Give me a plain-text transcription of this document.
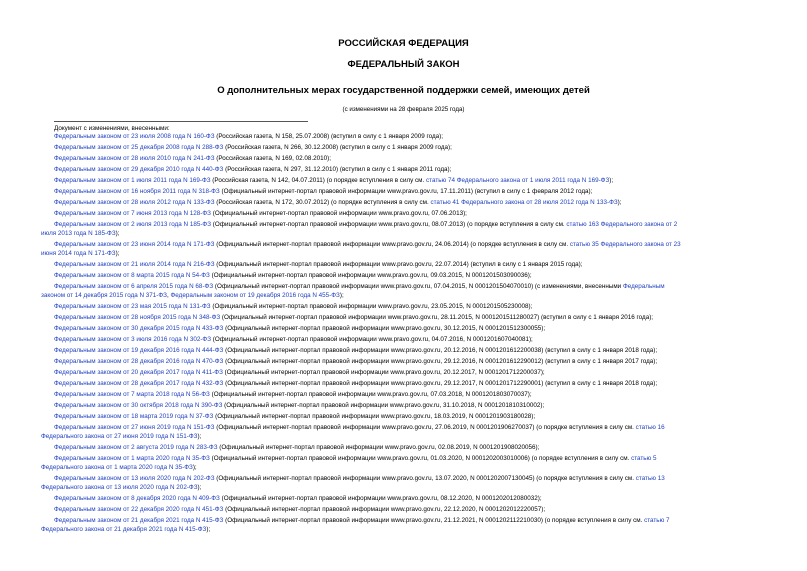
РОССИЙСКАЯ ФЕДЕРАЦИЯ
ФЕДЕРАЛЬНЫЙ ЗАКОН
О дополнительных мерах государственной поддержки семей, имеющих детей
(с изменениями на 28 февраля 2025 года)
Документ с изменениями, внесенными:
Федеральным законом от 23 июля 2008 года N 160-ФЗ (Российская газета, N 158, 25.07.2008) (вступил в силу с 1 января 2009 года);
Федеральным законом от 25 декабря 2008 года N 288-ФЗ (Российская газета, N 266, 30.12.2008) (вступил в силу с 1 января 2009 года);
Федеральным законом от 28 июля 2010 года N 241-ФЗ (Российская газета, N 169, 02.08.2010);
Федеральным законом от 29 декабря 2010 года N 440-ФЗ (Российская газета, N 297, 31.12.2010) (вступил в силу с 1 января 2011 года);
Федеральным законом от 1 июля 2011 года N 169-ФЗ (Российская газета, N 142, 04.07.2011) (о порядке вступления в силу см. статью 74 Федерального закона от 1 июля 2011 года N 169-ФЗ);
Федеральным законом от 16 ноября 2011 года N 318-ФЗ (Официальный интернет-портал правовой информации www.pravo.gov.ru, 17.11.2011) (вступил в силу с 1 февраля 2012 года);
Федеральным законом от 28 июля 2012 года N 133-ФЗ (Российская газета, N 172, 30.07.2012) (о порядке вступления в силу см. статью 41 Федерального закона от 28 июля 2012 года N 133-ФЗ);
Федеральным законом от 7 июня 2013 года N 128-ФЗ (Официальный интернет-портал правовой информации www.pravo.gov.ru, 07.06.2013);
Федеральным законом от 2 июля 2013 года N 185-ФЗ (Официальный интернет-портал правовой информации www.pravo.gov.ru, 08.07.2013) (о порядке вступления в силу см. статью 163 Федерального закона от 2
июля 2013 года N 185-ФЗ);
Федеральным законом от 23 июня 2014 года N 171-ФЗ (Официальный интернет-портал правовой информации www.pravo.gov.ru, 24.06.2014) (о порядке вступления в силу см. статью 35 Федерального закона от 23
июня 2014 года N 171-ФЗ);
Федеральным законом от 21 июля 2014 года N 216-ФЗ (Официальный интернет-портал правовой информации www.pravo.gov.ru, 22.07.2014) (вступил в силу с 1 января 2015 года);
Федеральным законом от 8 марта 2015 года N 54-ФЗ (Официальный интернет-портал правовой информации www.pravo.gov.ru, 09.03.2015, N 0001201503090036);
Федеральным законом от 6 апреля 2015 года N 68-ФЗ (Официальный интернет-портал правовой информации www.pravo.gov.ru, 07.04.2015, N 0001201504070010) (с изменениями, внесенными Федеральным
законом от 14 декабря 2015 года N 371-ФЗ, Федеральным законом от 19 декабря 2016 года N 455-ФЗ);
Федеральным законом от 23 мая 2015 года N 131-ФЗ (Официальный интернет-портал правовой информации www.pravo.gov.ru, 23.05.2015, N 0001201505230008);
Федеральным законом от 28 ноября 2015 года N 348-ФЗ (Официальный интернет-портал правовой информации www.pravo.gov.ru, 28.11.2015, N 0001201511280027) (вступил в силу с 1 января 2016 года);
Федеральным законом от 30 декабря 2015 года N 433-ФЗ (Официальный интернет-портал правовой информации www.pravo.gov.ru, 30.12.2015, N 0001201512300055);
Федеральным законом от 3 июля 2016 года N 302-ФЗ (Официальный интернет-портал правовой информации www.pravo.gov.ru, 04.07.2016, N 0001201607040081);
Федеральным законом от 19 декабря 2016 года N 444-ФЗ (Официальный интернет-портал правовой информации www.pravo.gov.ru, 20.12.2016, N 0001201612200038) (вступил в силу с 1 января 2018 года);
Федеральным законом от 28 декабря 2016 года N 470-ФЗ (Официальный интернет-портал правовой информации www.pravo.gov.ru, 29.12.2016, N 0001201612290012) (вступил в силу с 1 января 2017 года);
Федеральным законом от 20 декабря 2017 года N 411-ФЗ (Официальный интернет-портал правовой информации www.pravo.gov.ru, 20.12.2017, N 0001201712200037);
Федеральным законом от 28 декабря 2017 года N 432-ФЗ (Официальный интернет-портал правовой информации www.pravo.gov.ru, 29.12.2017, N 0001201712290001) (вступил в силу с 1 января 2018 года);
Федеральным законом от 7 марта 2018 года N 56-ФЗ (Официальный интернет-портал правовой информации www.pravo.gov.ru, 07.03.2018, N 0001201803070037);
Федеральным законом от 30 октября 2018 года N 390-ФЗ (Официальный интернет-портал правовой информации www.pravo.gov.ru, 31.10.2018, N 0001201810310002);
Федеральным законом от 18 марта 2019 года N 37-ФЗ (Официальный интернет-портал правовой информации www.pravo.gov.ru, 18.03.2019, N 0001201903180028);
Федеральным законом от 27 июня 2019 года N 151-ФЗ (Официальный интернет-портал правовой информации www.pravo.gov.ru, 27.06.2019, N 0001201906270037) (о порядке вступления в силу см. статью 16
Федерального закона от 27 июня 2019 года N 151-ФЗ);
Федеральным законом от 2 августа 2019 года N 283-ФЗ (Официальный интернет-портал правовой информации www.pravo.gov.ru, 02.08.2019, N 0001201908020056);
Федеральным законом от 1 марта 2020 года N 35-ФЗ (Официальный интернет-портал правовой информации www.pravo.gov.ru, 01.03.2020, N 0001202003010006) (о порядке вступления в силу см. статью 5
Федерального закона от 1 марта 2020 года N 35-ФЗ);
Федеральным законом от 13 июля 2020 года N 202-ФЗ (Официальный интернет-портал правовой информации www.pravo.gov.ru, 13.07.2020, N 0001202007130045) (о порядке вступления в силу см. статью 13
Федерального закона от 13 июля 2020 года N 202-ФЗ);
Федеральным законом от 8 декабря 2020 года N 409-ФЗ (Официальный интернет-портал правовой информации www.pravo.gov.ru, 08.12.2020, N 0001202012080032);
Федеральным законом от 22 декабря 2020 года N 451-ФЗ (Официальный интернет-портал правовой информации www.pravo.gov.ru, 22.12.2020, N 0001202012220057);
Федеральным законом от 21 декабря 2021 года N 415-ФЗ (Официальный интернет-портал правовой информации www.pravo.gov.ru, 21.12.2021, N 0001202112210030) (о порядке вступления в силу см. статью 7
Федерального закона от 21 декабря 2021 года N 415-ФЗ);
